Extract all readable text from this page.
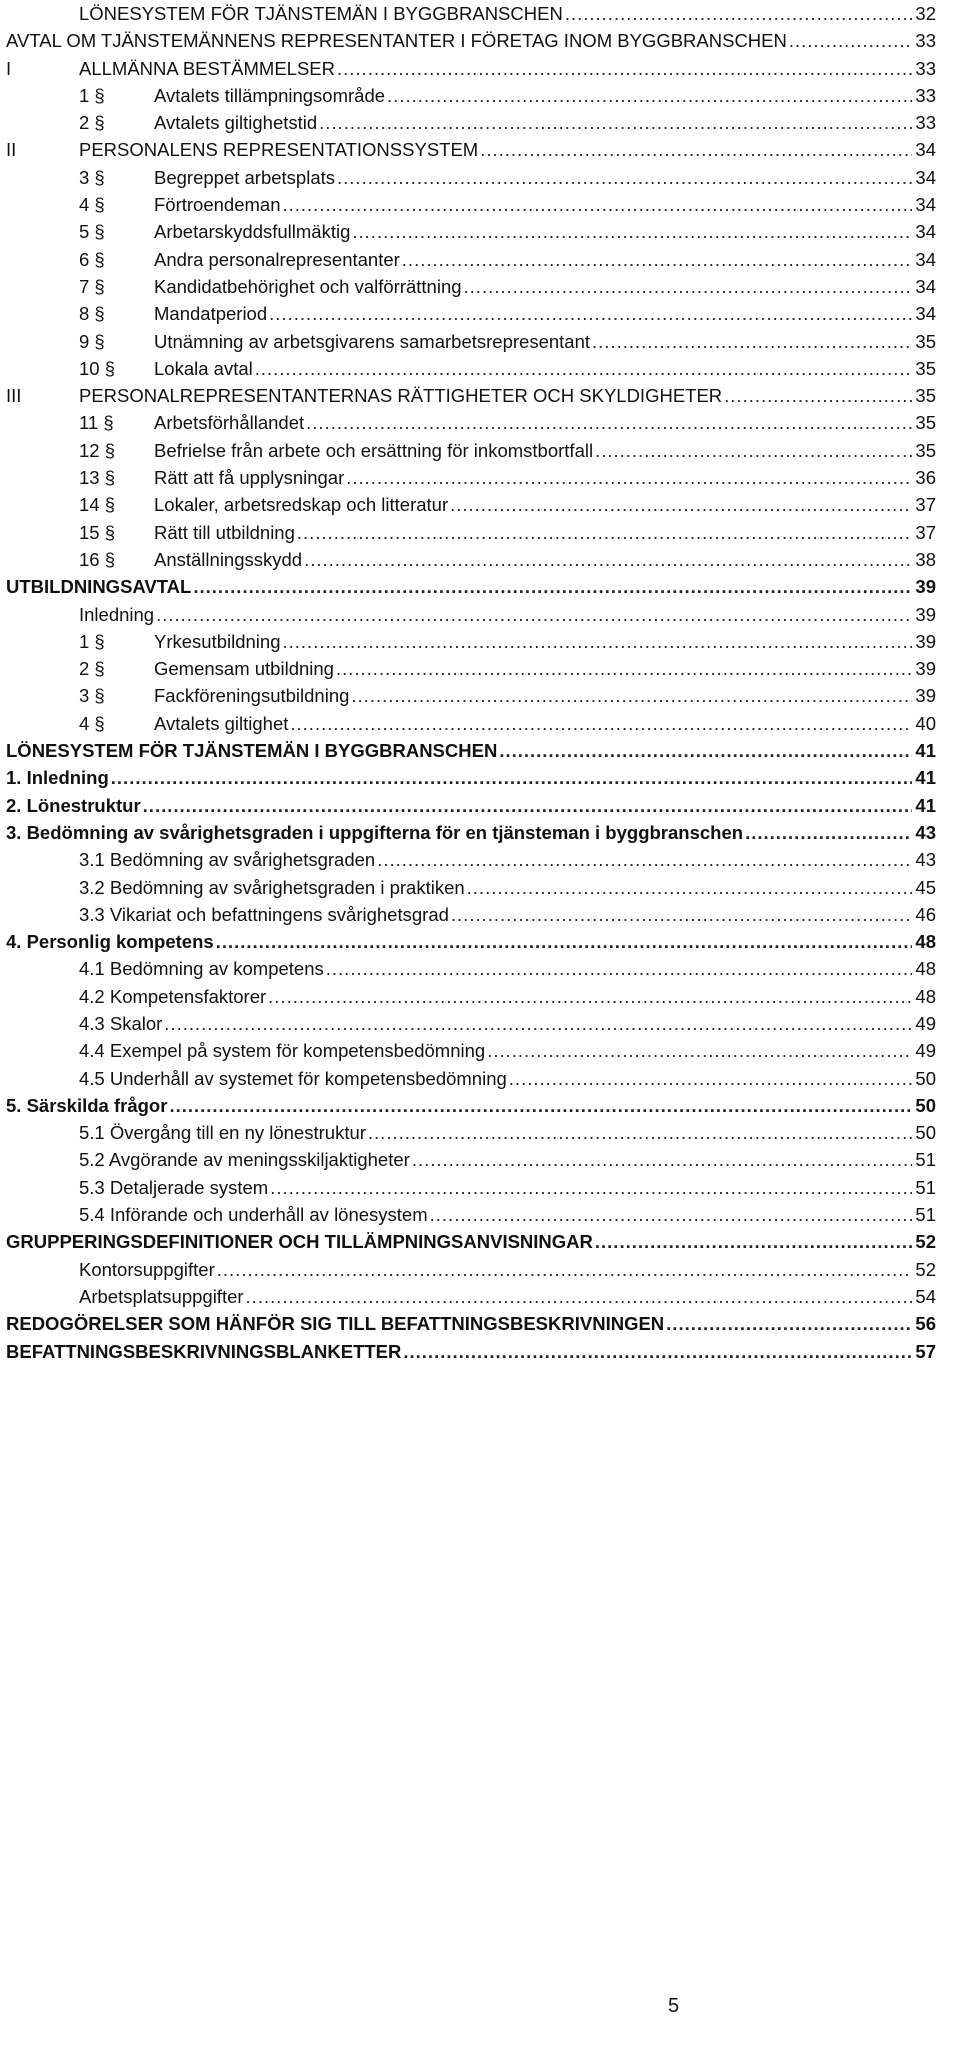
LÖNESYSTEM FÖR TJÄNSTEMÄN I BYGGBRANSCHEN .....	32
AVTAL OM TJÄNSTEMÄNNENS REPRESENTANTER I FÖRETAG INOM BYGGBRANSCHEN .....	33
I	ALLMÄNNA BESTÄMMELSER .....	33
1 §	Avtalets tillämpningsområde .....	33
2 §	Avtalets giltighetstid .....	33
II	PERSONALENS REPRESENTATIONSSYSTEM .....	34
3 §	Begreppet arbetsplats .....	34
4 §	Förtroendeman .....	34
5 §	Arbetarskyddsfullmäktig .....	34
6 §	Andra personalrepresentanter .....	34
7 §	Kandidatbehörighet och valförrättning .....	34
8 §	Mandatperiod .....	34
9 §	Utnämning av arbetsgivarens samarbetsrepresentant .....	35
10 § Lokala avtal .....	35
III	PERSONALREPRESENTANTERNAS RÄTTIGHETER OCH SKYLDIGHETER .....	35
11 § Arbetsförhållandet .....	35
12 § Befrielse från arbete och ersättning för inkomstbortfall .....	35
13 § Rätt att få upplysningar .....	36
14 § Lokaler, arbetsredskap och litteratur .....	37
15 § Rätt till utbildning .....	37
16 § Anställningsskydd .....	38
UTBILDNINGSAVTAL .....	39
Inledning .....	39
1 §	Yrkesutbildning .....	39
2 §	Gemensam utbildning .....	39
3 §	Fackföreningsutbildning .....	39
4 §	Avtalets giltighet .....	40
LÖNESYSTEM FÖR TJÄNSTEMÄN I BYGGBRANSCHEN .....	41
1. Inledning .....	41
2. Lönestruktur .....	41
3. Bedömning av svårighetsgraden i uppgifterna för en tjänsteman i byggbranschen .....	43
3.1 Bedömning av svårighetsgraden .....	43
3.2 Bedömning av svårighetsgraden i praktiken .....	45
3.3 Vikariat och befattningens svårighetsgrad .....	46
4. Personlig kompetens .....	48
4.1 Bedömning av kompetens .....	48
4.2 Kompetensfaktorer .....	48
4.3 Skalor .....	49
4.4 Exempel på system för kompetensbedömning .....	49
4.5 Underhåll av systemet för kompetensbedömning .....	50
5. Särskilda frågor .....	50
5.1 Övergång till en ny lönestruktur .....	50
5.2 Avgörande av meningsskiljaktigheter .....	51
5.3 Detaljerade system .....	51
5.4 Införande och underhåll av lönesystem .....	51
GRUPPERINGSDEFINITIONER OCH TILLÄMPNINGSANVISNINGAR .....	52
Kontorsuppgifter .....	52
Arbetsplatsuppgifter .....	54
REDOGÖRELSER SOM HÄNFÖR SIG TILL BEFATTNINGSBESKRIVNINGEN .....	56
BEFATTNINGSBESKRIVNINGSBLANKETTER .....	57
5
